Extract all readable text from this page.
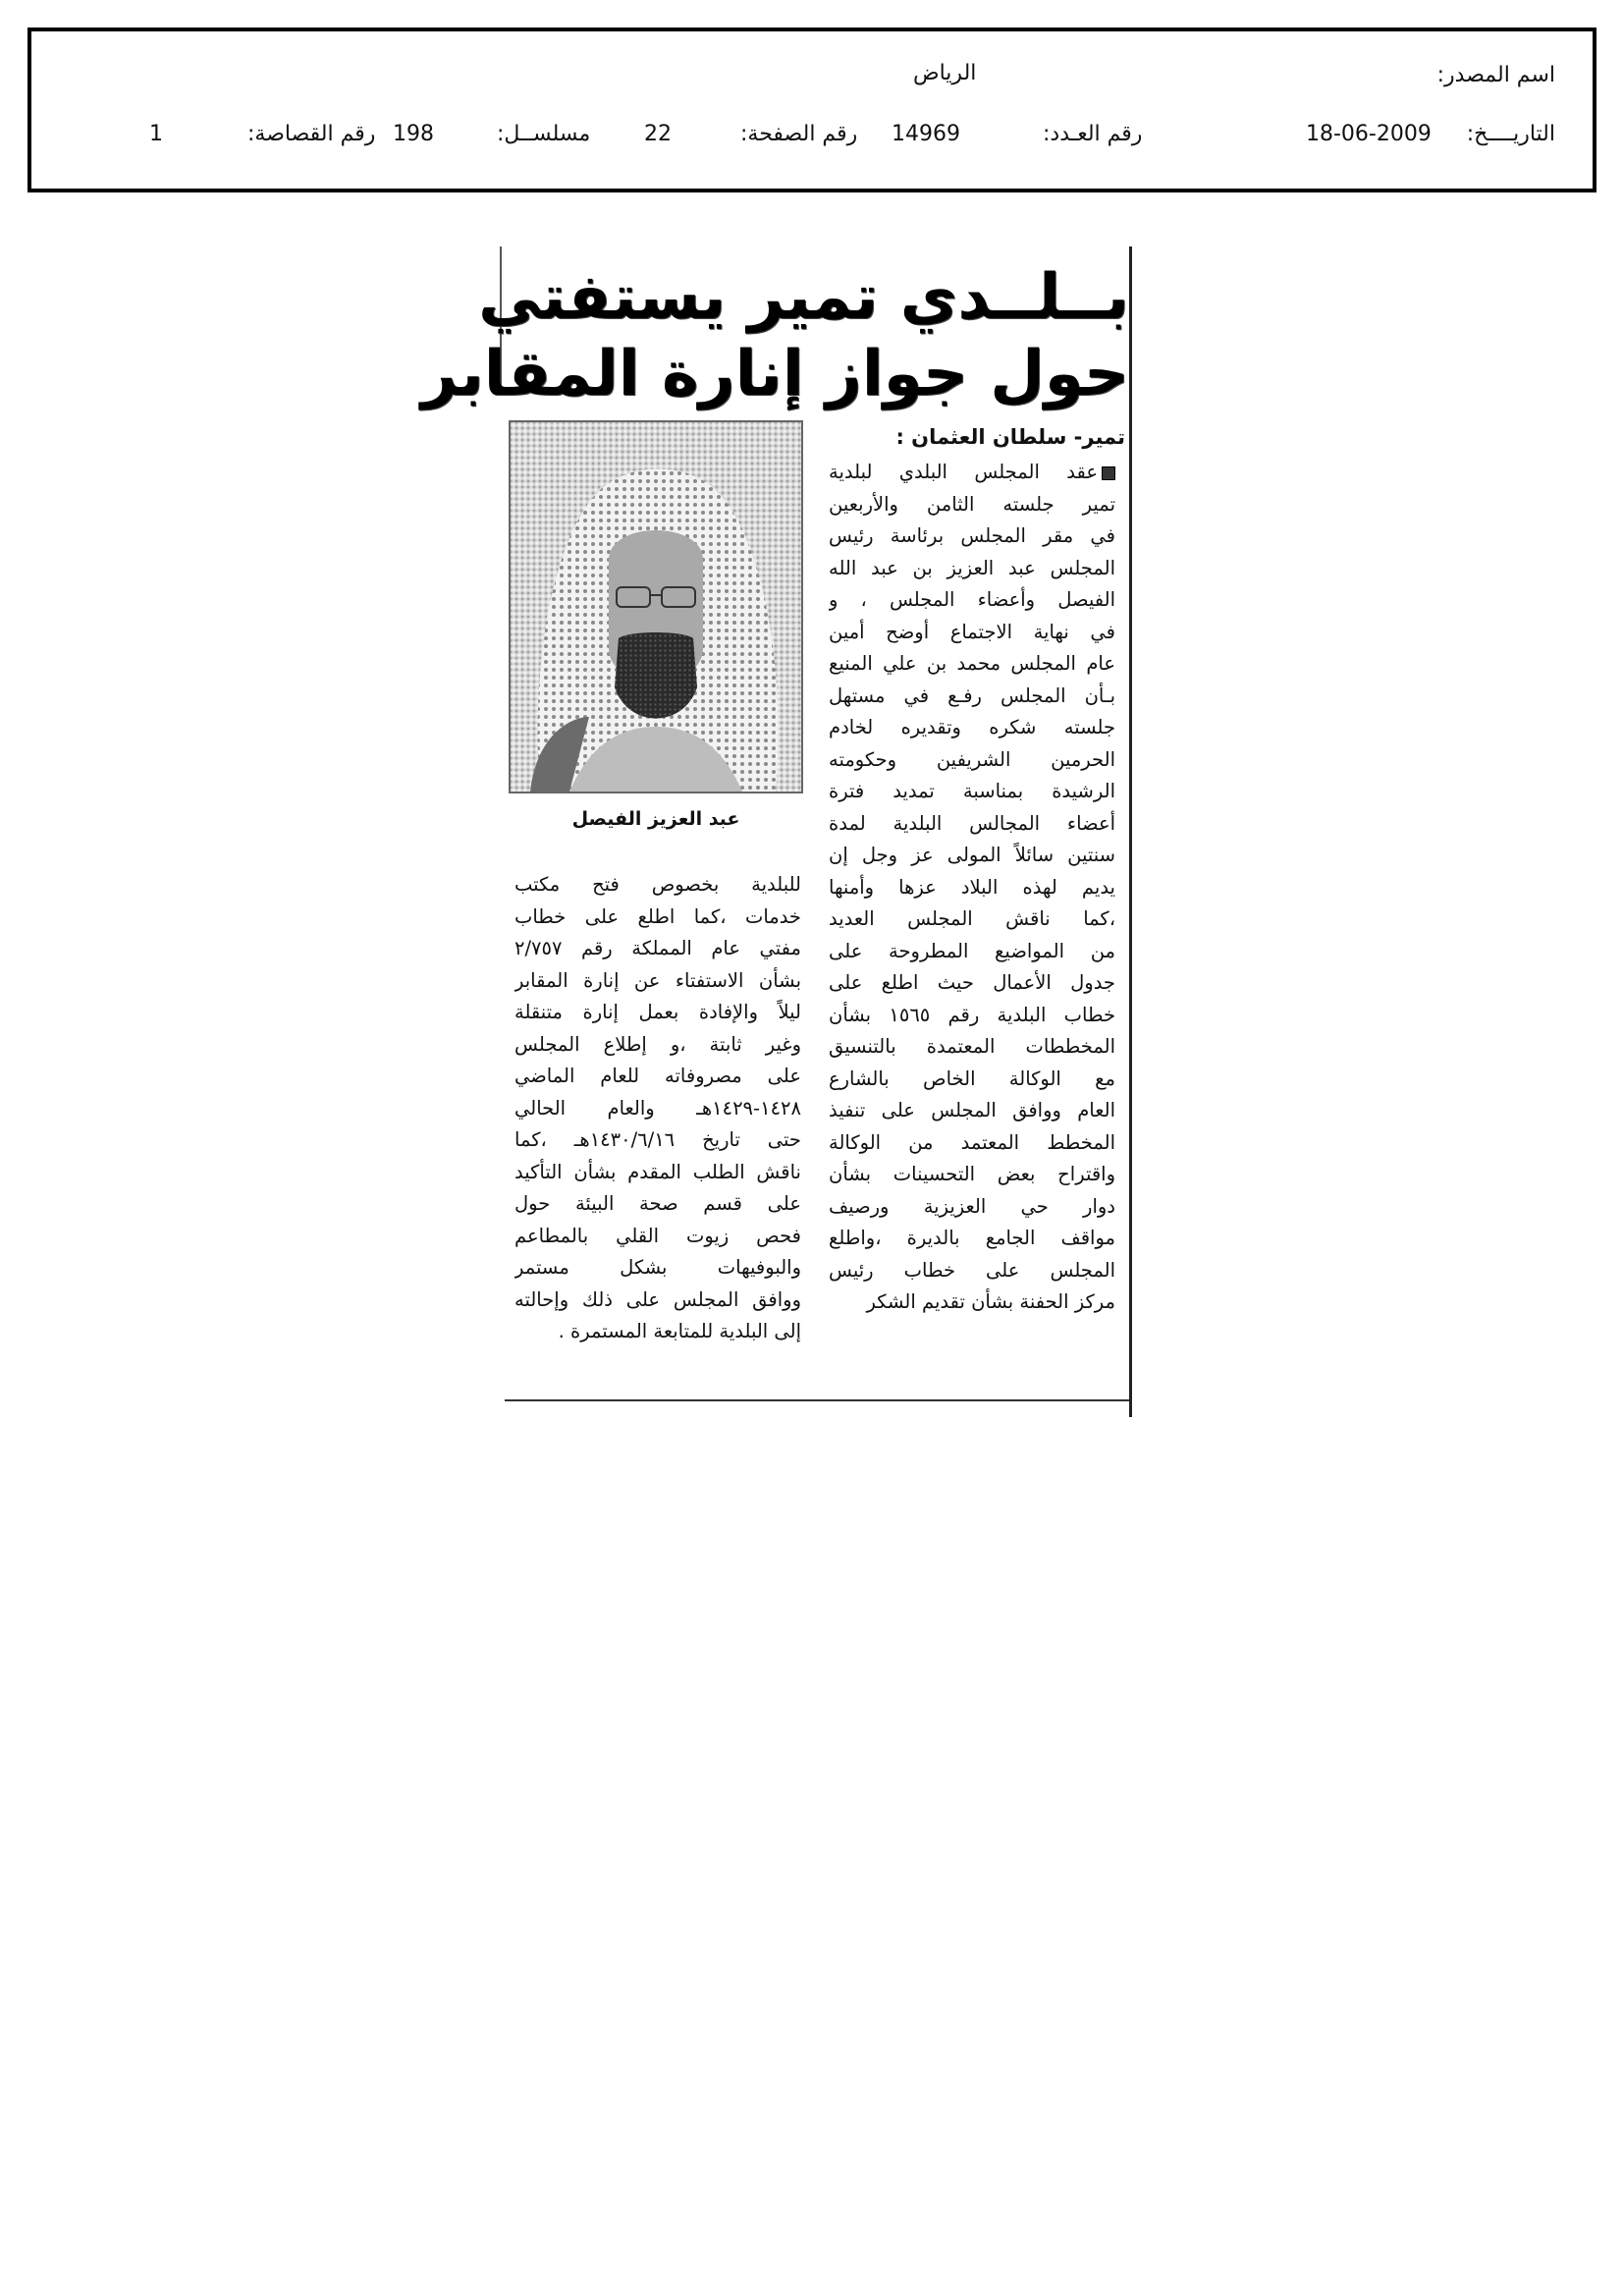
اسم المصدر:
الرياض
التاريــــخ:
18-06-2009
رقم العـدد:
14969
رقم الصفحة:
22
مسلســل:
198
رقم القصاصة:
1
بــلــدي تمير يستفتي
حول جواز إنارة المقابر
تمير- سلطان العثمان :
عبد العزيز الفيصل
عقد المجلس البلدي لبلدية
تمير جلسته الثامن والأربعين
في مقر المجلس برئاسة رئيس
المجلس عبد العزيز بن عبد الله
الفيصل وأعضاء المجلس ، و
في نهاية الاجتماع أوضح أمين
عام المجلس محمد بن علي المنيع
بـأن المجلس رفـع في مستهل
جلسته شكره وتقديره لخادم
الحرمين الشريفين وحكومته
الرشيدة بمناسبة تمديد فترة
أعضاء المجالس البلدية لمدة
سنتين سائلاً المولى عز وجل إن
يديم لهذه البلاد عزها وأمنها
،كما ناقش المجلس العديد
من المواضيع المطروحة على
جدول الأعمال حيث اطلع على
خطاب البلدية رقم ١٥٦٥ بشأن
المخططات المعتمدة بالتنسيق
مع الوكالة الخاص بالشارع
العام ووافق المجلس على تنفيذ
المخطط المعتمد من الوكالة
واقتراح بعض التحسينات بشأن
دوار حي العزيزية ورصيف
مواقف الجامع بالديرة ،واطلع
المجلس على خطاب رئيس
مركز الحفنة بشأن تقديم الشكر
للبلدية بخصوص فتح مكتب
خدمات ،كما اطلع على خطاب
مفتي عام المملكة رقم ٢/٧٥٧
بشأن الاستفتاء عن إنارة المقابر
ليلاً والإفادة بعمل إنارة متنقلة
وغير ثابتة ،و إطلاع المجلس
على مصروفاته للعام الماضي
١٤٢٨-١٤٢٩هـ والعام الحالي
حتى تاريخ ١٤٣٠/٦/١٦هـ ،كما
ناقش الطلب المقدم بشأن التأكيد
على قسم صحة البيئة حول
فحص زيوت القلي بالمطاعم
والبوفيهات بشكل مستمر
ووافق المجلس على ذلك وإحالته
إلى البلدية للمتابعة المستمرة .
